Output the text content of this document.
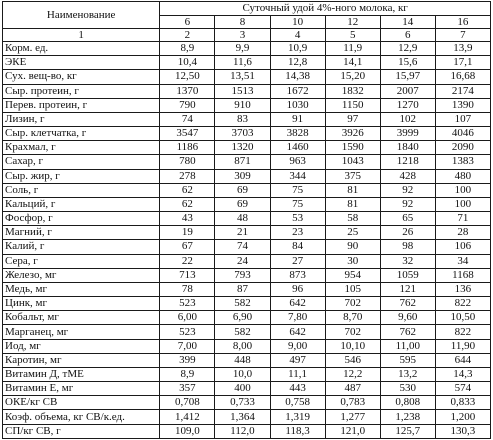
Наименование	Суточный удой 4%-ного молока, кг					
	6	8	10	12	14	16
1	2	3	4	5	6	7
Корм. ед.	8,9	9,9	10,9	11,9	12,9	13,9
ЭКЕ	10,4	11,6	12,8	14,1	15,6	17,1
Сух. вещ-во, кг	12,50	13,51	14,38	15,20	15,97	16,68
Сыр. протеин, г	1370	1513	1672	1832	2007	2174
Перев. протеин, г	790	910	1030	1150	1270	1390
Лизин, г	74	83	91	97	102	107
Сыр. клетчатка, г	3547	3703	3828	3926	3999	4046
Крахмал, г	1186	1320	1460	1590	1840	2090
Сахар, г	780	871	963	1043	1218	1383
Сыр. жир, г	278	309	344	375	428	480
Соль, г	62	69	75	81	92	100
Кальций, г	62	69	75	81	92	100
Фосфор, г	43	48	53	58	65	71
Магний, г	19	21	23	25	26	28
Калий, г	67	74	84	90	98	106
Сера, г	22	24	27	30	32	34
Железо, мг	713	793	873	954	1059	1168
Медь, мг	78	87	96	105	121	136
Цинк, мг	523	582	642	702	762	822
Кобальт, мг	6,00	6,90	7,80	8,70	9,60	10,50
Марганец, мг	523	582	642	702	762	822
Иод, мг	7,00	8,00	9,00	10,10	11,00	11,90
Каротин, мг	399	448	497	546	595	644
Витамин Д, тМЕ	8,9	10,0	11,1	12,2	13,2	14,3
Витамин Е, мг	357	400	443	487	530	574
ОКЕ/кг СВ	0,708	0,733	0,758	0,783	0,808	0,833
Коэф. объема, кг СВ/к.ед.	1,412	1,364	1,319	1,277	1,238	1,200
СП/кг СВ, г	109,0	112,0	118,3	121,0	125,7	130,3
